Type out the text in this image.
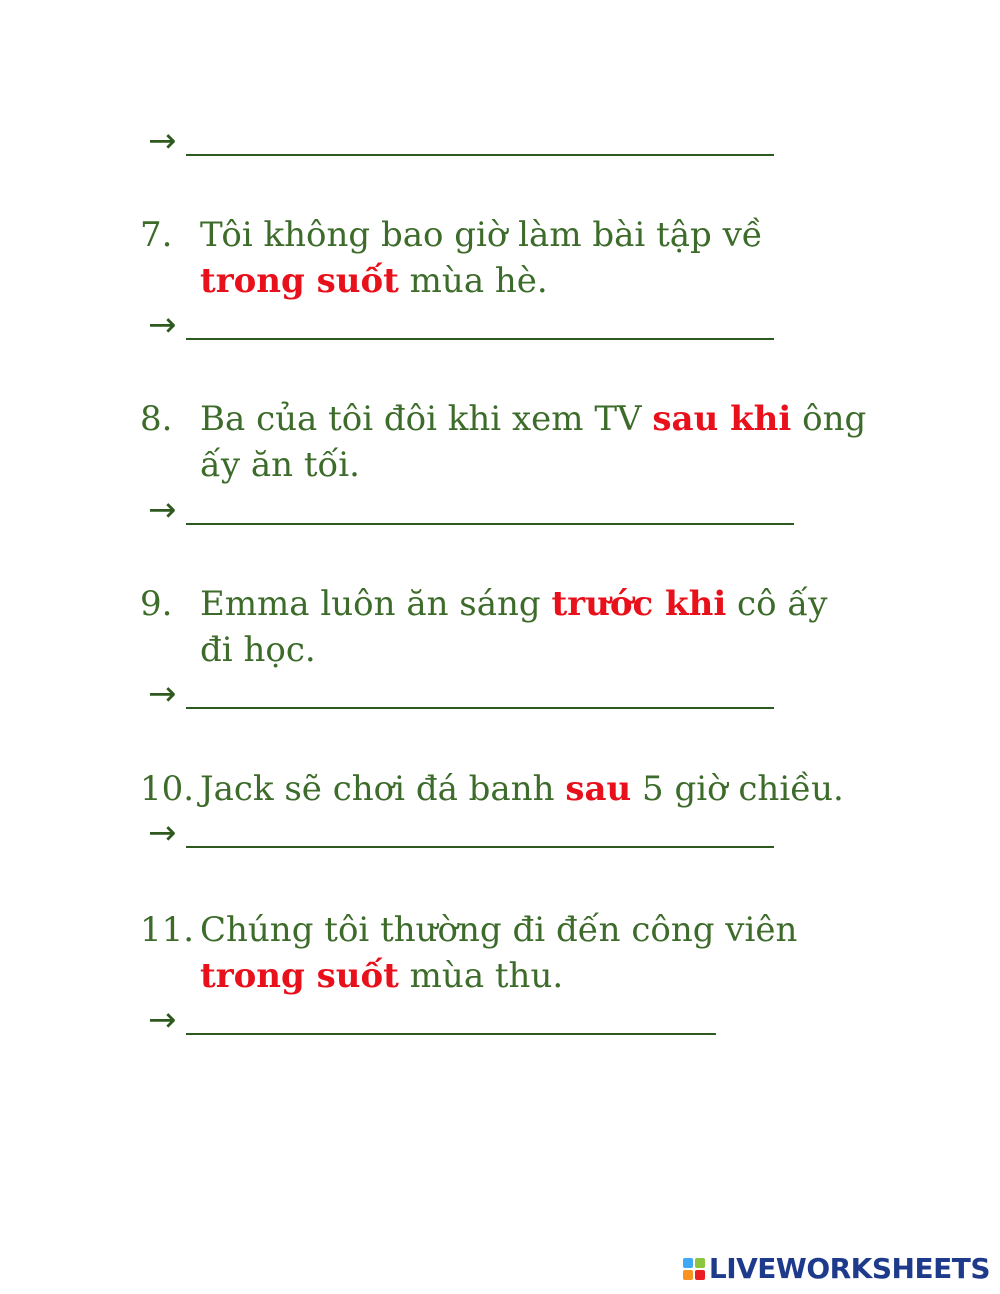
→
7. Tôi không bao giờ làm bài tập về trong suốt mùa hè.
→
8. Ba của tôi đôi khi xem TV sau khi ông ấy ăn tối.
→
9. Emma luôn ăn sáng trước khi cô ấy đi học.
→
10. Jack sẽ chơi đá banh sau 5 giờ chiều.
→
11. Chúng tôi thường đi đến công viên trong suốt mùa thu.
→
LIVEWORKSHEETS
